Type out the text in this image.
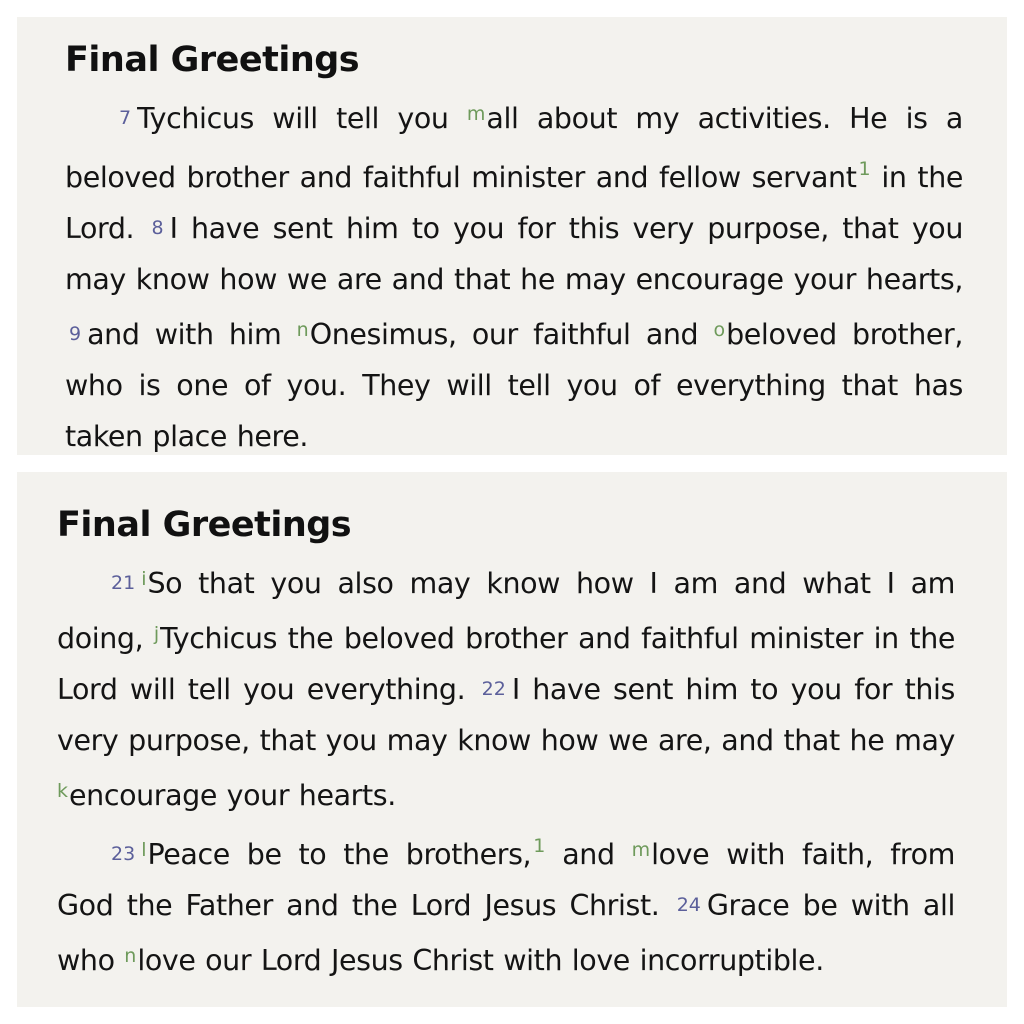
Final Greetings

7 Tychicus will tell you $^m$all about my activities. He is a beloved brother and faithful minister and fellow servant $^1$ in the Lord. 8 I have sent him to you for this very purpose, that you may know how we are and that he may encourage your hearts, 9 and with him $^n$Onesimus, our faithful and $^o$beloved brother, who is one of you. They will tell you of everything that has taken place here.

Final Greetings

21 $^i$So that you also may know how I am and what I am doing, $^j$Tychicus the beloved brother and faithful minister in the Lord will tell you everything. 22 I have sent him to you for this very purpose, that you may know how we are, and that he may $^k$encourage your hearts.

23 $^l$Peace be to the brothers, $^1$ and $^m$love with faith, from God the Father and the Lord Jesus Christ. 24 Grace be with all who $^n$love our Lord Jesus Christ with love incorruptible.
